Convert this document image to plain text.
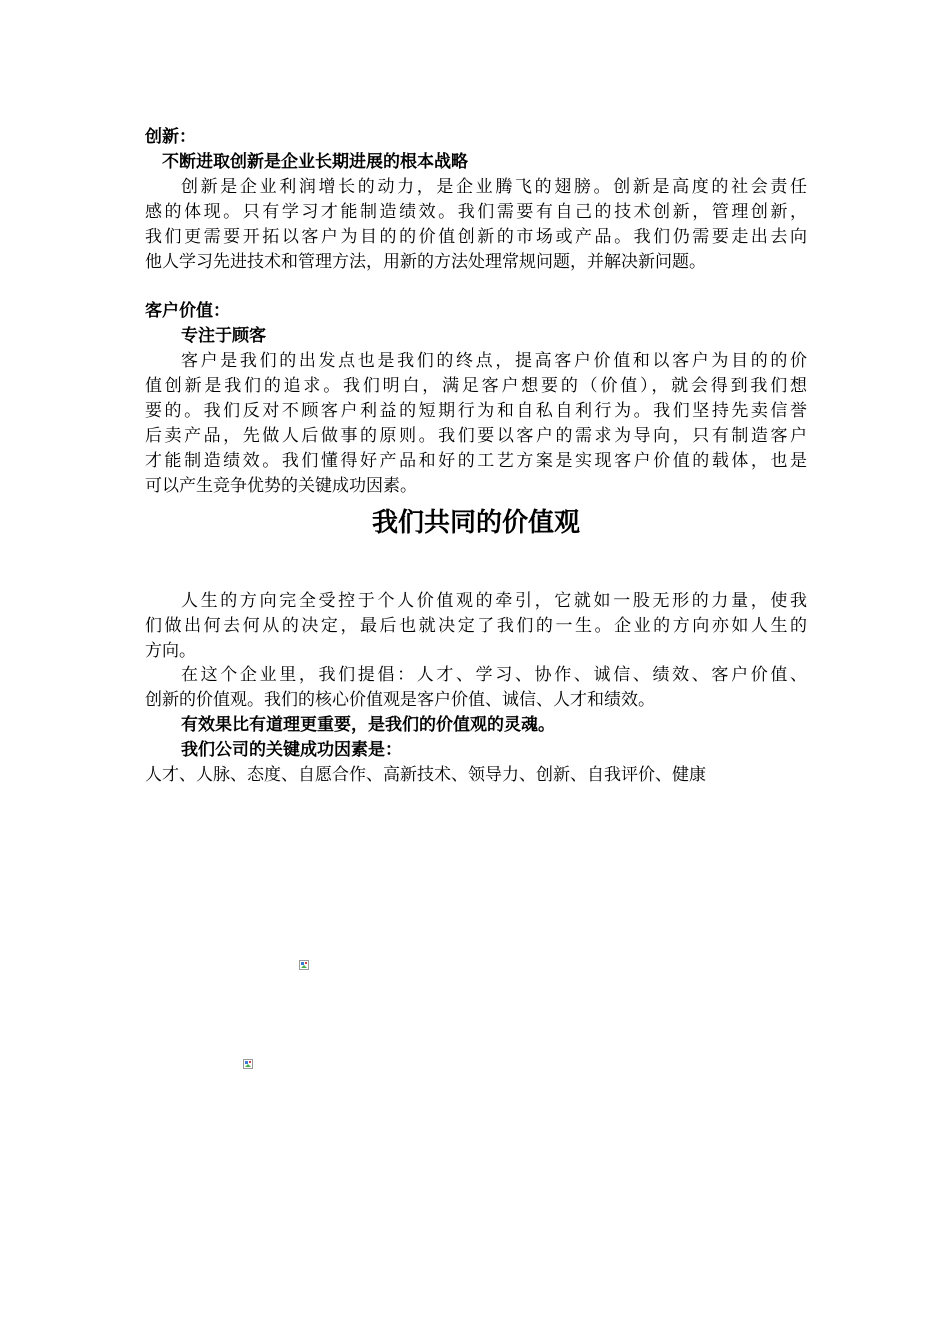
创新：
不断进取创新是企业长期进展的根本战略
创新是企业利润增长的动力，是企业腾飞的翅膀。创新是高度的社会责任
感的体现。只有学习才能制造绩效。我们需要有自己的技术创新，管理创新，
我们更需要开拓以客户为目的的价值创新的市场或产品。我们仍需要走出去向
他人学习先进技术和管理方法，用新的方法处理常规问题，并解决新问题。
客户价值：
专注于顾客
客户是我们的出发点也是我们的终点，提高客户价值和以客户为目的的价
值创新是我们的追求。我们明白，满足客户想要的（价值），就会得到我们想
要的。我们反对不顾客户利益的短期行为和自私自利行为。我们坚持先卖信誉
后卖产品，先做人后做事的原则。我们要以客户的需求为导向，只有制造客户
才能制造绩效。我们懂得好产品和好的工艺方案是实现客户价值的载体，也是
可以产生竞争优势的关键成功因素。
我们共同的价值观
人生的方向完全受控于个人价值观的牵引，它就如一股无形的力量，使我
们做出何去何从的决定，最后也就决定了我们的一生。企业的方向亦如人生的
方向。
在这个企业里，我们提倡：人才、学习、协作、诚信、绩效、客户价值、
创新的价值观。我们的核心价值观是客户价值、诚信、人才和绩效。
有效果比有道理更重要，是我们的价值观的灵魂。
我们公司的关键成功因素是：
人才、人脉、态度、自愿合作、高新技术、领导力、创新、自我评价、健康
